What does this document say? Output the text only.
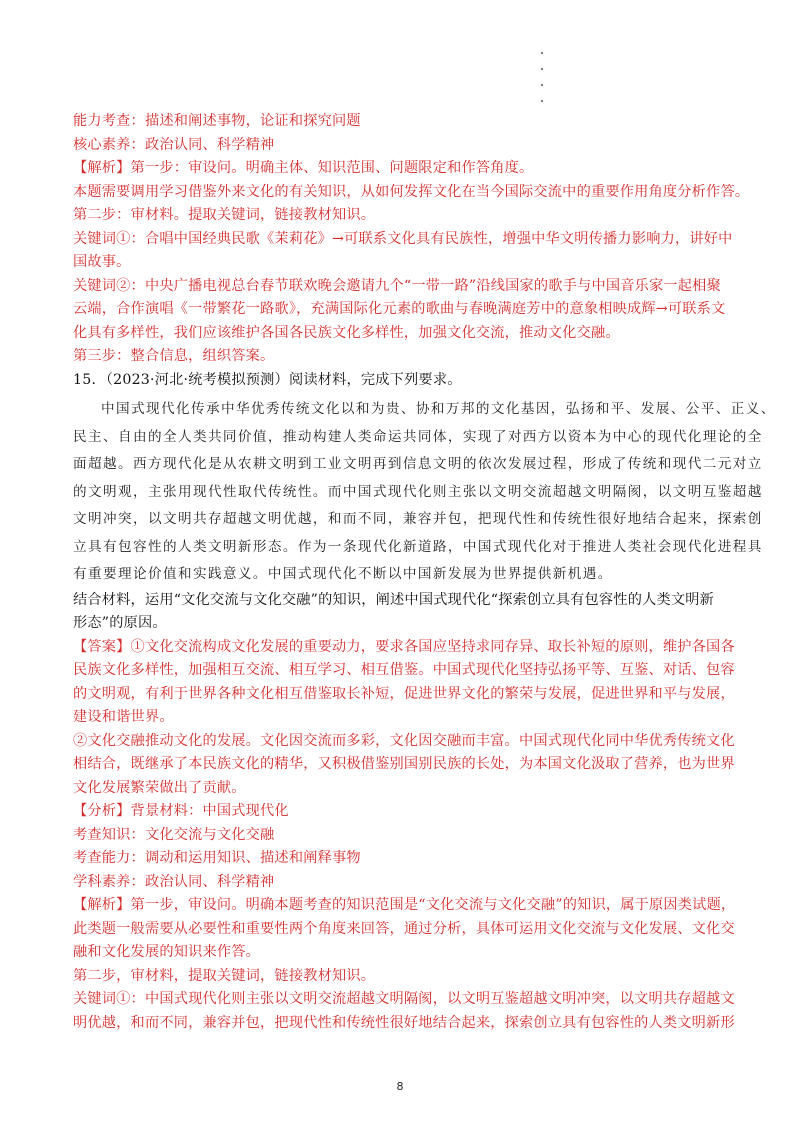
能力考查：描述和阐述事物，论证和探究问题
核心素养：政治认同、科学精神
【解析】第一步：审设问。明确主体、知识范围、问题限定和作答角度。
本题需要调用学习借鉴外来文化的有关知识，从如何发挥文化在当今国际交流中的重要作用角度分析作答。
第二步：审材料。提取关键词，链接教材知识。
关键词①：合唱中国经典民歌《茉莉花》→可联系文化具有民族性，增强中华文明传播力影响力，讲好中
国故事。
关键词②：中央广播电视总台春节联欢晚会邀请九个“一带一路”沿线国家的歌手与中国音乐家一起相聚
云端，合作演唱《一带繁花一路歌》，充满国际化元素的歌曲与春晚满庭芳中的意象相映成辉→可联系文
化具有多样性，我们应该维护各国各民族文化多样性，加强文化交流，推动文化交融。
第三步：整合信息，组织答案。
15．（2023·河北·统考模拟预测）阅读材料，完成下列要求。
中国式现代化传承中华优秀传统文化以和为贵、协和万邦的文化基因，弘扬和平、发展、公平、正义、
民主、自由的全人类共同价值，推动构建人类命运共同体，实现了对西方以资本为中心的现代化理论的全
面超越。西方现代化是从农耕文明到工业文明再到信息文明的依次发展过程，形成了传统和现代二元对立
的文明观，主张用现代性取代传统性。而中国式现代化则主张以文明交流超越文明隔阂，以文明互鉴超越
文明冲突，以文明共存超越文明优越，和而不同，兼容并包，把现代性和传统性很好地结合起来，探索创
立具有包容性的人类文明新形态。作为一条现代化新道路，中国式现代化对于推进人类社会现代化进程具
有重要理论价值和实践意义。中国式现代化不断以中国新发展为世界提供新机遇。
结合材料，运用“文化交流与文化交融”的知识，阐述中国式现代化“探索创立具有包容性的人类文明新
形态”的原因。
【答案】①文化交流构成文化发展的重要动力，要求各国应坚持求同存异、取长补短的原则，维护各国各
民族文化多样性，加强相互交流、相互学习、相互借鉴。中国式现代化坚持弘扬平等、互鉴、对话、包容
的文明观，有利于世界各种文化相互借鉴取长补短，促进世界文化的繁荣与发展，促进世界和平与发展，
建设和谐世界。
②文化交融推动文化的发展。文化因交流而多彩，文化因交融而丰富。中国式现代化同中华优秀传统文化
相结合，既继承了本民族文化的精华，又积极借鉴别国别民族的长处，为本国文化汲取了营养，也为世界
文化发展繁荣做出了贡献。
【分析】背景材料：中国式现代化
考查知识：文化交流与文化交融
考查能力：调动和运用知识、描述和阐释事物
学科素养：政治认同、科学精神
【解析】第一步，审设问。明确本题考查的知识范围是“文化交流与文化交融”的知识，属于原因类试题，
此类题一般需要从必要性和重要性两个角度来回答，通过分析，具体可运用文化交流与文化发展、文化交
融和文化发展的知识来作答。
第二步，审材料，提取关键词，链接教材知识。
关键词①：中国式现代化则主张以文明交流超越文明隔阂，以文明互鉴超越文明冲突，以文明共存超越文
明优越，和而不同，兼容并包，把现代性和传统性很好地结合起来，探索创立具有包容性的人类文明新形
8
